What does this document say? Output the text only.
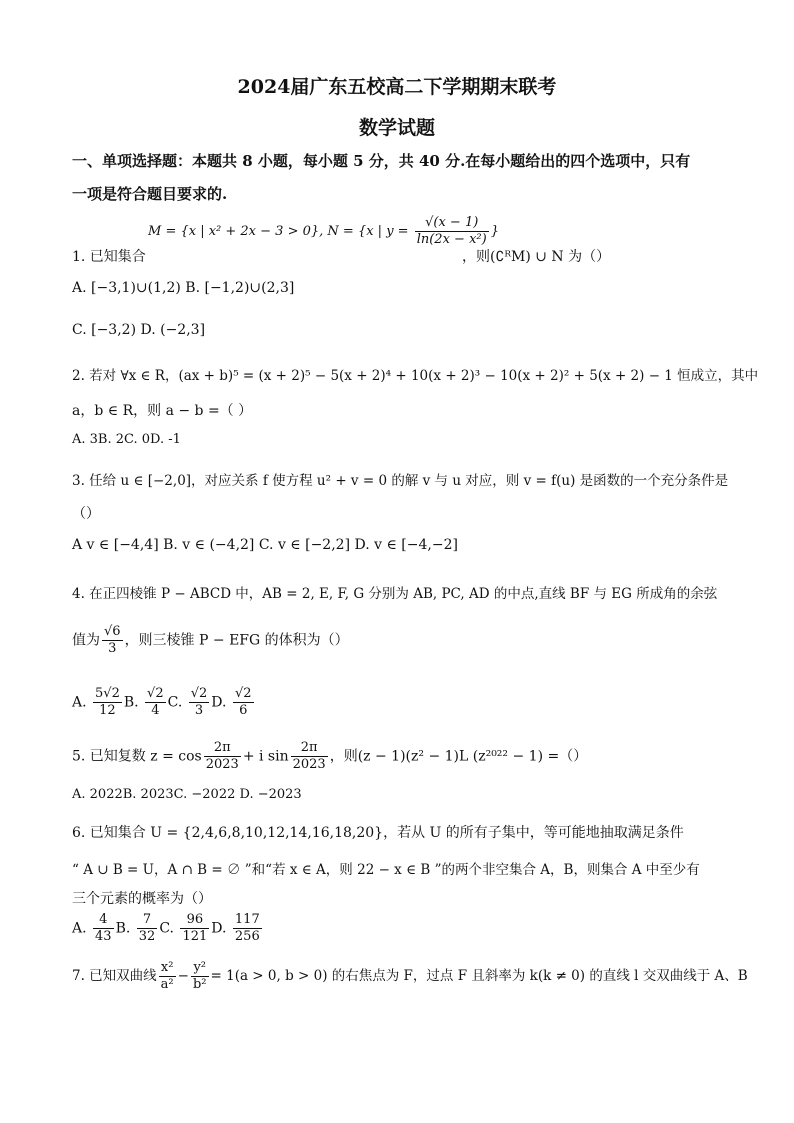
2024届广东五校高二下学期期末联考
数学试题
一、单项选择题：本题共 8 小题，每小题 5 分，共 40 分.在每小题给出的四个选项中，只有
一项是符合题目要求的.
M = {x | x² + 2x − 3 > 0}, N = {x | $y = \frac{√(x - 1)}{\text{ln(2x − x²)}}$ }
1. 已知集合	，则(∁ᴿM) ∪ N 为（）
A. [−3,1)∪(1,2) B. [−1,2)∪(2,3]
C. [−3,2) D. (−2,3]
2. 若对 ∀x ∈ R，(ax + b)⁵ = (x + 2)⁵ − 5(x + 2)⁴ + 10(x + 2)³ − 10(x + 2)² + 5(x + 2) − 1 恒成立，其中
a，b ∈ R，则 a − b =（ ）
A. 3B. 2C. 0D. -1
3. 任给 u ∈ [−2,0]，对应关系 f 使方程 u² + v = 0 的解 v 与 u 对应，则 v = f(u) 是函数的一个充分条件是
（）
A v ∈ [−4,4] B. v ∈ (−4,2] C. v ∈ [−2,2] D. v ∈ [−4,−2]
4. 在正四棱锥 P − ABCD 中，AB = 2, E, F, G 分别为 AB, PC, AD 的中点,直线 BF 与 EG 所成角的余弦
值为 $\frac{√6}{3}$ ，则三棱锥 P − EFG 的体积为（）
A. $\frac{5√2}{12} B$. $\frac{√2}{4} C$. $\frac{√2}{3} D$. $\frac{√2}{6}$
5. 已知复数 $z = \cos \frac{2\pi}{2023} + i$ $\sin \frac{2\pi}{2023}$ ，则(z − 1)(z² − 1)L (z²⁰²² − 1) =（）
A. 2022B. 2023C. −2022 D. −2023
6. 已知集合 U = {2,4,6,8,10,12,14,16,18,20}，若从 U 的所有子集中，等可能地抽取满足条件
“ A ∪ B = U，A ∩ B = ∅ ”和“若 x ∈ A，则 22 − x ∈ B ”的两个非空集合 A，B，则集合 A 中至少有
三个元素的概率为（）
A. $\frac{4}{43} B$. $\frac{7}{32} C$. $\frac{96}{121} D$. $\frac{117}{256}$
7. 已知双曲线 $\frac{\text{x²}}{\text{a²}} - \frac{\text{y²}}{\text{b²}} = 1(a > 0$, b > 0) 的右焦点为 F，过点 F 且斜率为 k(k ≠ 0) 的直线 l 交双曲线于 A、B
